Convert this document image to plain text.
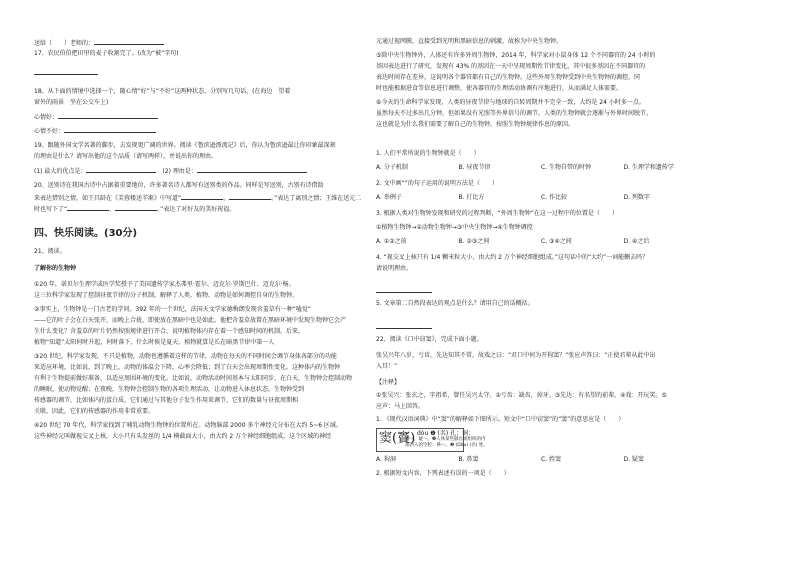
送给（　　）老师的：
17、农民伯伯把田里的麦子收割完了。(改为“被”字句)
18、从下面的情境中选择一个，随心情“好”与“不好”这两种状态，分别写几句话。(在海边　望着
窗外的雨景　坐在公交车上)
心情好：
心情不好：
19、跟随外国文学名著的脚步，去发现更广阔的世界。阅读《鲁滨逊漂流记》后，你认为鲁滨逊最让你印象最深刻
的理由是什么？请写出他的这个品质（请写两样），并说出你的理由。
(1) 最大的优点是：　	(2) 理由是：
20、送别诗在我国古诗中占据着重要地位，许多著名诗人都写有送别类的作品。同样是写送别，古别有诗借助
来表达惜别之情，如王昌龄在《芙蓉楼送辛渐》中写道“	，	。”表达了离别之情；王维在送元二
时也写下了“	，	。”表达了对好友的美好祝福。
四、快乐阅读。(30分)
21、阅读。
了解你的生物钟
①20 年，诺贝尔生理学或医学奖授予了美国遗传学家杰弗里·霍尔、迈克尔·罗斯巴什、迈克尔·杨。
这三位科学家发现了控制昼夜节律的分子机制，解释了人类、植物、动物是如何调控自身的生物钟。
②事实上，生物钟是一门古老的学问。392 年的一个世纪，法国天文学家德梅朗发现含羞草有一种“嗑觉”
——它的叶子会在白天张开，而晚上合拢，即使放在黑暗中也是如此。他把含羞草放置在黑暗环境中发现生物钟它会产
生什么变化？含羞草的叶片仍然按照规律进行开合，说明植物体内存在着一个感知时间的机制。后来，
植物“知道”太阳何时升起，何时落下，什么时候是夏天。植物就算是长在暗黑节律中第一人
③20 世纪，科学家发现，不只是植物，动物也遵循着这样的节律，动物在每天的不同时间会调节身体各部分的功能
来适应环境，比如说，到了晚上，动物的体温会下降，心率会降低；到了白天会出现周期性变化。这种体内的生物钟
有利于生物提前做好准备，以适应周围环境的变化。比如说，动物活动时间基本与太阳同步，在白天，生物钟会控制动物
的睡眠，使动物觉醒；在夜晚，生物钟会控制生物的各项生理活动，让动物进入休息状态。生物钟受到
传感器的调节，比如体内的蛋白质，它们通过与其他分子发生作用来调节，它们的数量与昼夜周期相
关联，因此，它们的传感器的作用非常重要。
④20 世纪 70 年代，科学家找到了哺乳动物生物钟的位置所在。动物脑部 2000 多个神经元分布在大约 5~6 区域。
这些神经元叫做视交叉上核，大小只有头发丝的 1/4 横截面大小，由大约 2 万个神经细胞组成。这个区域的神经
元通过视网膜，直接受到光明和黑暗信息的刺激，故称为中央生物钟。
⑤除中央生物钟外，人体还有许多外周生物钟，2014 年，科学家对小鼠身体 12 个不同器官的 24 小时的
基因表达进行了研究，发现有 43% 的基因在一天中呈现周期性节律变化，其中很多基因在不同器官的
表达时间存在差异，这说明各个器官都有自己的生物钟。这些外周生物钟受到中央生物钟的调控，同
时也能根据进食等信息进行调整，使各器官的生理活动协调有序地进行，从而满足人体需要。
⑥今天的生命科学家发现，人类的昼夜节律与地球的自转周期并不完全一致，大约是 24 小时多一点。
虽然每天不过多出几分钟，但如果没有光照等外界信号的调节，人类的生物钟就会逐渐与外界时间脱节，
这也就是为什么我们需要了解自己的生物钟，按照生物钟规律作息的原因。
1. 人们平常所说的生物钟就是（　　）
A. 分子机制	B. 昼夜节律	C. 生物自带的时钟	D. 生理学和遗传学
2. 文中画“”的句子运用的说明方法是（　　）
A. 举例子	B. 打比方	C. 作比较	D. 列数字
3. 根据人类对生物钟发现和研究的过程判断，“外周生物钟”在这一过程中的位置是（　　）
①植物生物钟→②动物生物钟→③中央生物钟→④生物钟调控
A. ①②之前	B. ②③之间	C. ③④之间	D. ④之后
4. “视交叉上核只有 1/4 颗米粒大小，由大约 2 万个神经细胞组成。”这句话中的“大约”一词能删去吗？
请说明理由。
5. 文章第二自然段表达的观点是什么？请用自己的话概括。
22、阅读《口中窃窦》，完成下面小题。
张吴兴年八岁，亏齿，先达知其不常，故戏之曰：“君口中何为开狗窦？”张应声答曰：“正使君辈从此中出
入耳！”
【注释】
①张吴兴：张玄之，字祖希，曾任吴兴太守。②亏齿：缺齿，掉牙。③先达：有名望的前辈。④戏：开玩笑。⑤
应声：马上回答。
1. 《现代汉语词典》中“窦”的解释如下图所示。短文中“口中窃窦”的“窦”的意思应是（　　）
窦(竇) dòu ❶ (名) 孔；洞：
狗～，疑～。❷人体某些器官或组织的内
部凹入的空腔：鼻～。❸ (Dòu) (名) 姓。
A. 狗洞	B. 鼻窦	C. 姓窦	D. 疑窦
2. 根据短文内容，下列表述有误的一项是（　　）
